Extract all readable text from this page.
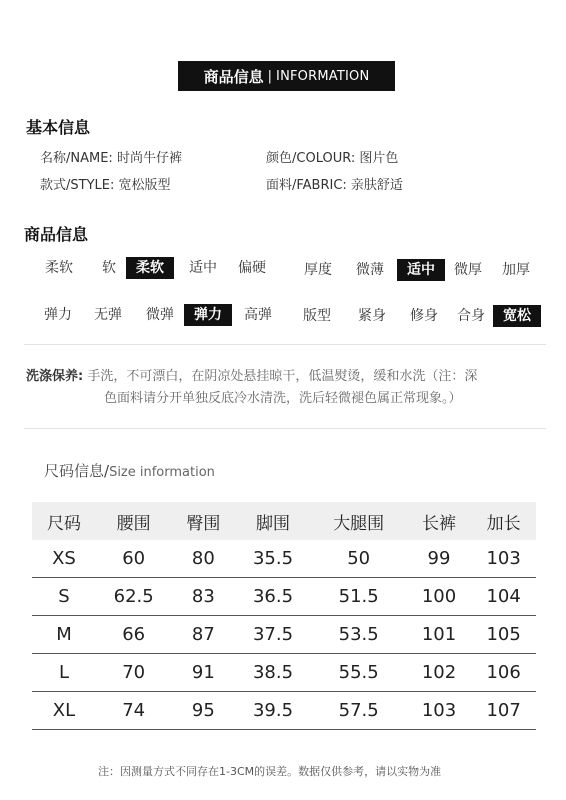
商品信息 | INFORMATION
基本信息
名称/NAME: 时尚牛仔裤	颜色/COLOUR: 图片色
款式/STYLE: 宽松版型	面料/FABRIC: 亲肤舒适
商品信息
柔软	软	柔软	适中 偏硬	厚度 微薄	适中	微厚 加厚
弹力 无弹 微弹	弹力	高弹	版型	紧身 修身 合身	宽松
洗涤保养: 手洗，不可漂白，在阴凉处悬挂晾干，低温熨烫，缓和水洗（注：深
色面料请分开单独反底冷水清洗，洗后轻微褪色属正常现象。）
尺码信息/Size information
尺码	腰围	臀围	脚围	大腿围	长裤	加长
XS	60	80	35.5	50	99	103
S	62.5	83	36.5	51.5	100	104
M	66	87	37.5	53.5	101	105
L	70	91	38.5	55.5	102	106
XL	74	95	39.5	57.5	103	107
注：因测量方式不同存在1-3CM的误差。数据仅供参考，请以实物为准
